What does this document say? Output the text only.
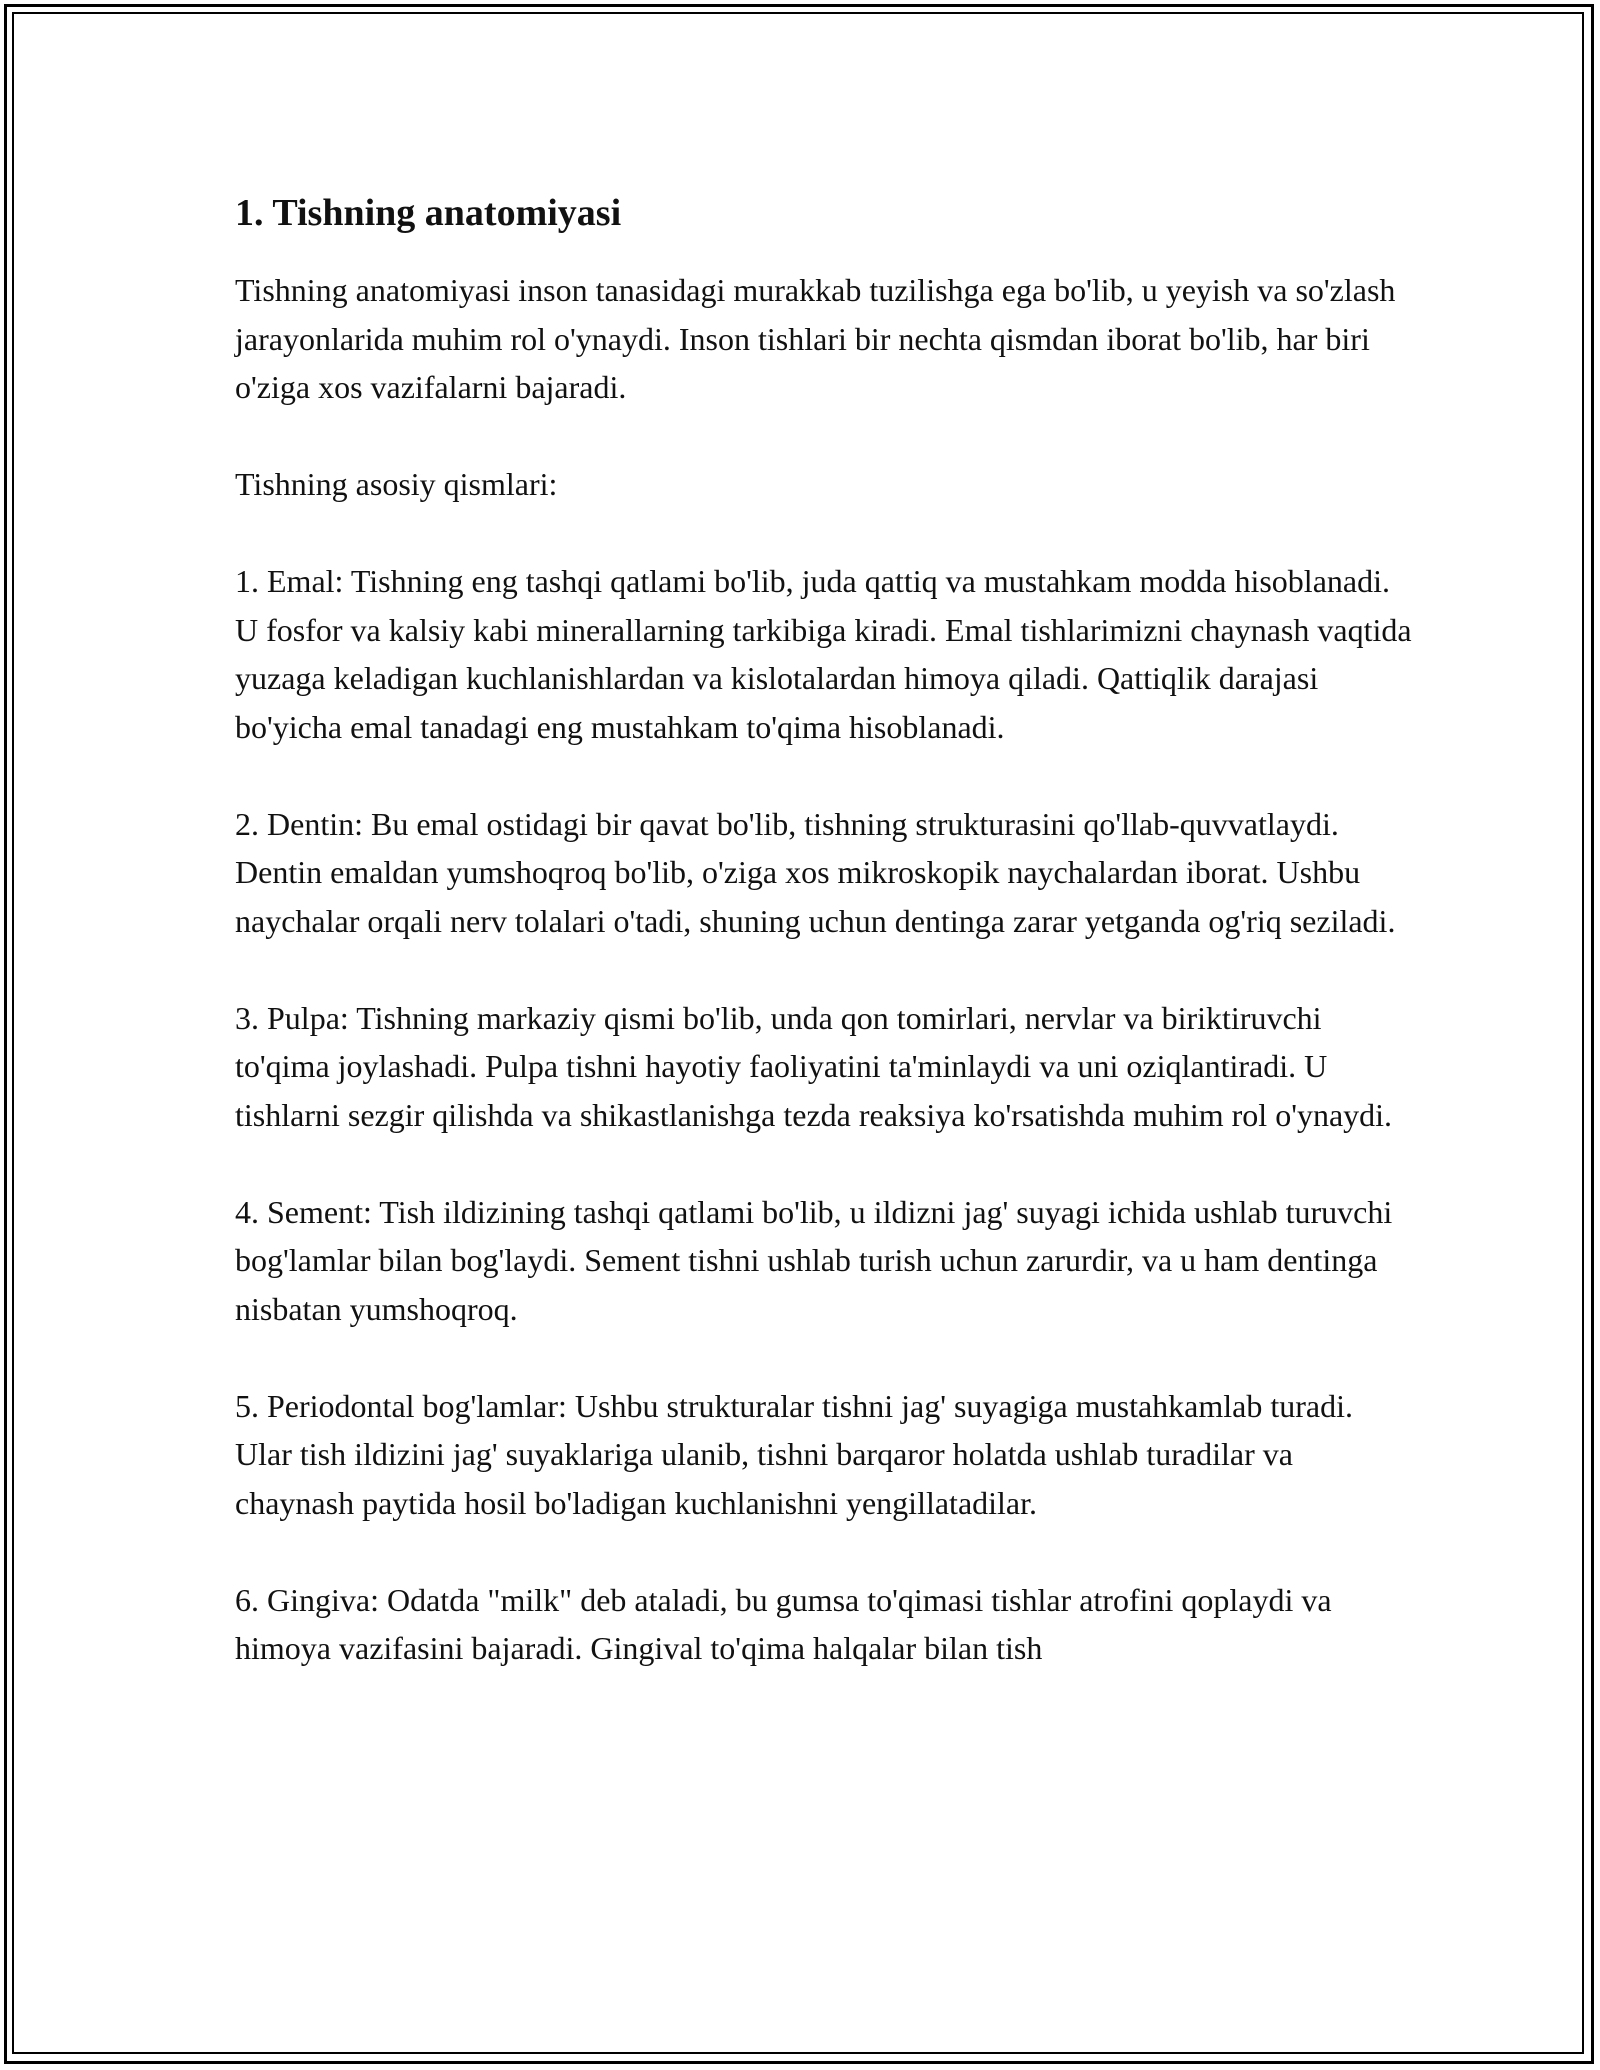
1. Tishning anatomiyasi

Tishning anatomiyasi inson tanasidagi murakkab tuzilishga ega bo'lib, u yeyish va so'zlash jarayonlarida muhim rol o'ynaydi. Inson tishlari bir nechta qismdan iborat bo'lib, har biri o'ziga xos vazifalarni bajaradi.

Tishning asosiy qismlari:

1. Emal: Tishning eng tashqi qatlami bo'lib, juda qattiq va mustahkam modda hisoblanadi. U fosfor va kalsiy kabi minerallarning tarkibiga kiradi. Emal tishlarimizni chaynash vaqtida yuzaga keladigan kuchlanishlardan va kislotalardan himoya qiladi. Qattiqlik darajasi bo'yicha emal tanadagi eng mustahkam to'qima hisoblanadi.

2. Dentin: Bu emal ostidagi bir qavat bo'lib, tishning strukturasini qo'llab-quvvatlaydi. Dentin emaldan yumshoqroq bo'lib, o'ziga xos mikroskopik naychalardan iborat. Ushbu naychalar orqali nerv tolalari o'tadi, shuning uchun dentinga zarar yetganda og'riq seziladi.

3. Pulpa: Tishning markaziy qismi bo'lib, unda qon tomirlari, nervlar va biriktiruvchi to'qima joylashadi. Pulpa tishni hayotiy faoliyatini ta'minlaydi va uni oziqlantiradi. U tishlarni sezgir qilishda va shikastlanishga tezda reaksiya ko'rsatishda muhim rol o'ynaydi.

4. Sement: Tish ildizining tashqi qatlami bo'lib, u ildizni jag' suyagi ichida ushlab turuvchi bog'lamlar bilan bog'laydi. Sement tishni ushlab turish uchun zarurdir, va u ham dentinga nisbatan yumshoqroq.

5. Periodontal bog'lamlar: Ushbu strukturalar tishni jag' suyagiga mustahkamlab turadi. Ular tish ildizini jag' suyaklariga ulanib, tishni barqaror holatda ushlab turadilar va chaynash paytida hosil bo'ladigan kuchlanishni yengillatadilar.

6. Gingiva: Odatda "milk" deb ataladi, bu gumsa to'qimasi tishlar atrofini qoplaydi va himoya vazifasini bajaradi. Gingival to'qima halqalar bilan tish
